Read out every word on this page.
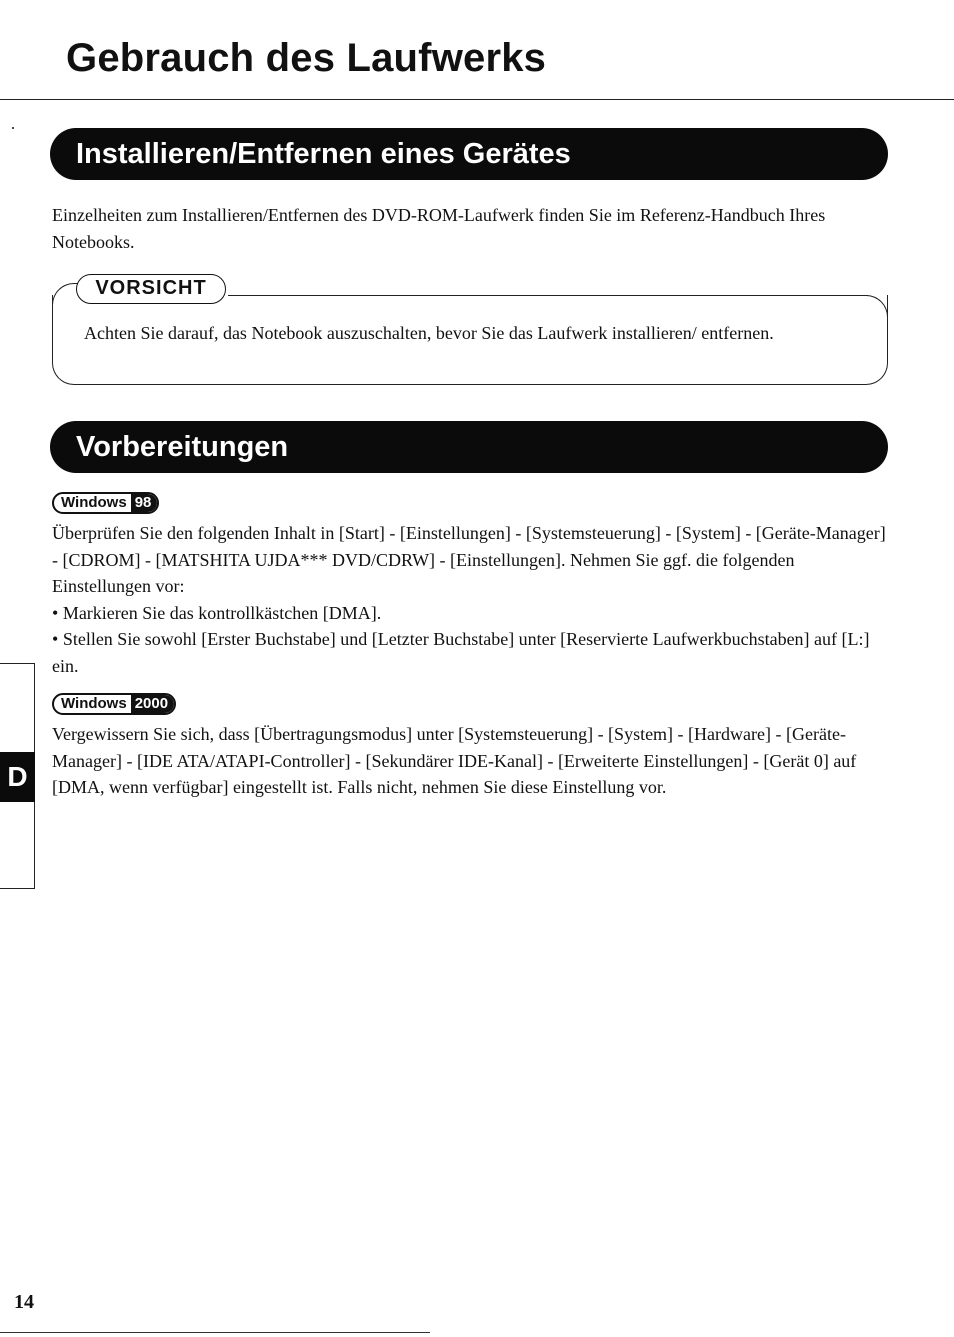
Gebrauch des Laufwerks
Installieren/Entfernen eines Gerätes

Einzelheiten zum Installieren/Entfernen des DVD-ROM-Laufwerk finden Sie im Referenz-Handbuch Ihres Notebooks.

VORSICHT

Achten Sie darauf, das Notebook auszuschalten, bevor Sie das Laufwerk installieren/ entfernen.

Vorbereitungen
Windows 98
Überprüfen Sie den folgenden Inhalt in [Start] - [Einstellungen] - [Systemsteuerung] - [System] - [Geräte-Manager] - [CDROM] - [MATSHITA UJDA*** DVD/CDRW] - [Einstellungen]. Nehmen Sie ggf. die folgenden Einstellungen vor:
• Markieren Sie das kontrollkästchen [DMA].
• Stellen Sie sowohl [Erster Buchstabe] und [Letzter Buchstabe] unter [Reservierte Laufwerkbuchstaben] auf [L:] ein.
Windows 2000

Vergewissern Sie sich, dass [Übertragungsmodus] unter [Systemsteuerung] - [System] - [Hardware] - [Geräte-Manager] - [IDE ATA/ATAPI-Controller] - [Sekundärer IDE-Kanal] - [Erweiterte Einstellungen] - [Gerät 0] auf [DMA, wenn verfügbar] eingestellt ist. Falls nicht, nehmen Sie diese Einstellung vor.

D
14
